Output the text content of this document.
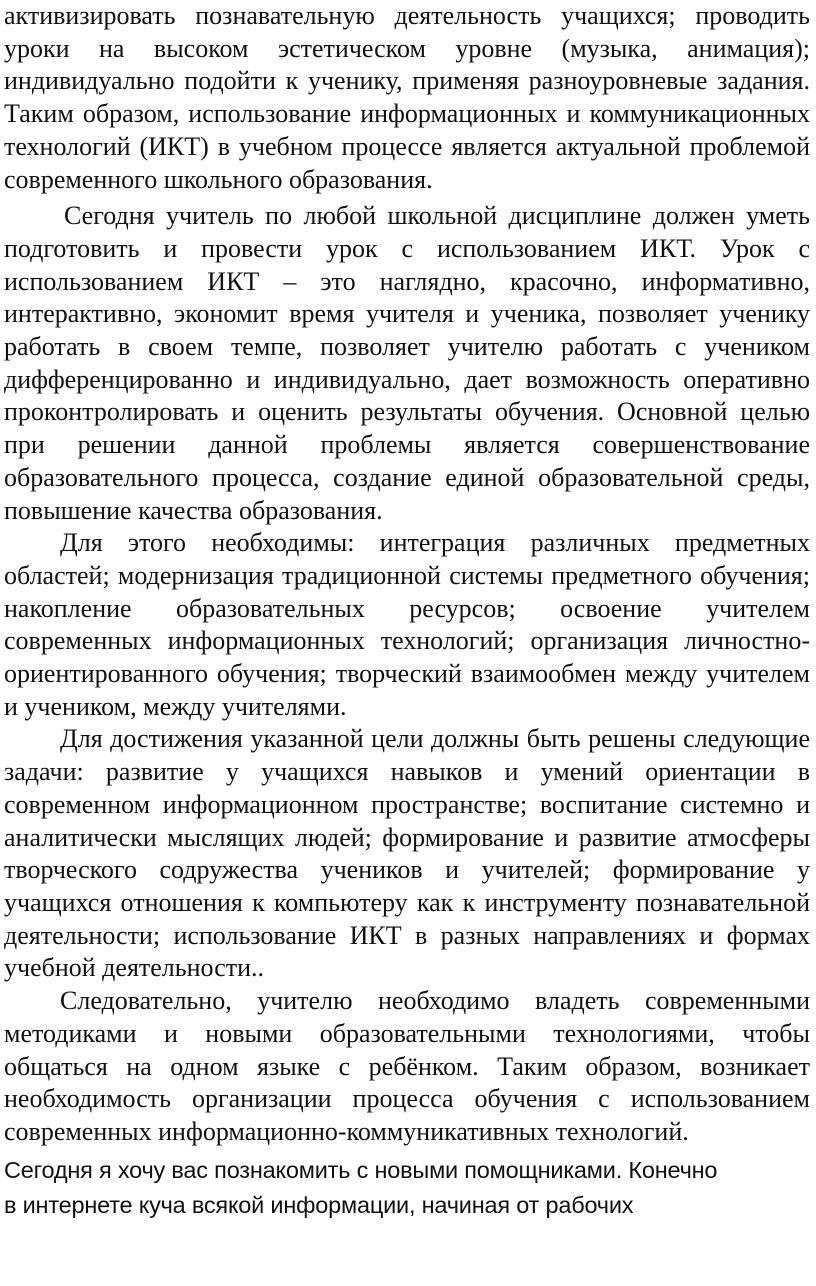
активизировать познавательную деятельность учащихся; проводить уроки на высоком эстетическом уровне (музыка, анимация); индивидуально подойти к ученику, применяя разноуровневые задания. Таким образом, использование информационных и коммуникационных технологий (ИКТ) в учебном процессе является актуальной проблемой современного школьного образования.

Сегодня учитель по любой школьной дисциплине должен уметь подготовить и провести урок с использованием ИКТ. Урок с использованием ИКТ – это наглядно, красочно, информативно, интерактивно, экономит время учителя и ученика, позволяет ученику работать в своем темпе, позволяет учителю работать с учеником дифференцированно и индивидуально, дает возможность оперативно проконтролировать и оценить результаты обучения. Основной целью при решении данной проблемы является совершенствование образовательного процесса, создание единой образовательной среды, повышение качества образования.

Для этого необходимы: интеграция различных предметных областей; модернизация традиционной системы предметного обучения; накопление образовательных ресурсов; освоение учителем современных информационных технологий; организация личностно-ориентированного обучения; творческий взаимообмен между учителем и учеником, между учителями.

Для достижения указанной цели должны быть решены следующие задачи: развитие у учащихся навыков и умений ориентации в современном информационном пространстве; воспитание системно и аналитически мыслящих людей; формирование и развитие атмосферы творческого содружества учеников и учителей; формирование у учащихся отношения к компьютеру как к инструменту познавательной деятельности; использование ИКТ в разных направлениях и формах учебной деятельности..

Следовательно, учителю необходимо владеть современными методиками и новыми образовательными технологиями, чтобы общаться на одном языке с ребёнком. Таким образом, возникает необходимость организации процесса обучения с использованием современных информационно-коммуникативных технологий.

Сегодня я хочу вас познакомить с новыми помощниками. Конечно

в интернете куча всякой информации, начиная от рабочих
